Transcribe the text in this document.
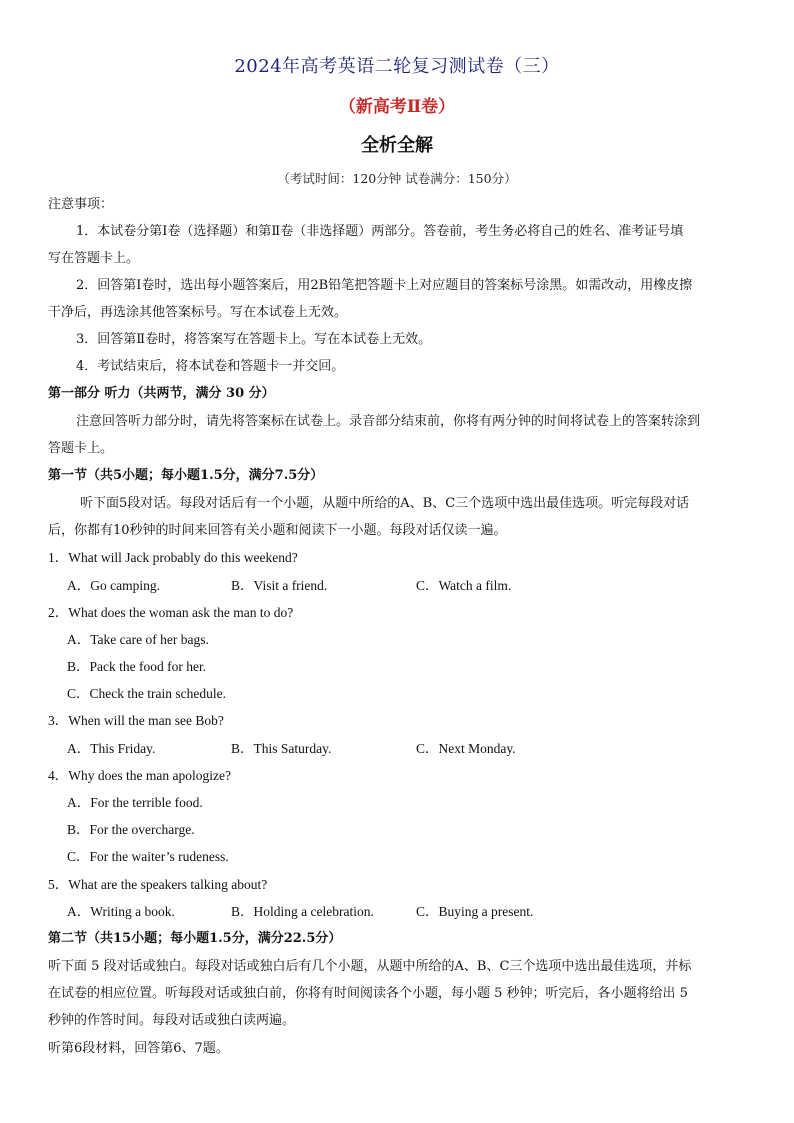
2024年高考英语二轮复习测试卷（三）
（新高考Ⅱ卷）
全析全解
（考试时间：120分钟 试卷满分：150分）
注意事项：
1．本试卷分第Ⅰ卷（选择题）和第Ⅱ卷（非选择题）两部分。答卷前，考生务必将自己的姓名、准考证号填
写在答题卡上。
2．回答第Ⅰ卷时，选出每小题答案后，用2B铅笔把答题卡上对应题目的答案标号涂黑。如需改动，用橡皮擦
干净后，再选涂其他答案标号。写在本试卷上无效。
3．回答第Ⅱ卷时，将答案写在答题卡上。写在本试卷上无效。
4．考试结束后，将本试卷和答题卡一并交回。
第一部分 听力（共两节，满分 30 分）
注意回答听力部分时，请先将答案标在试卷上。录音部分结束前，你将有两分钟的时间将试卷上的答案转涂到
答题卡上。
第一节（共5小题；每小题1.5分，满分7.5分）
听下面5段对话。每段对话后有一个小题，从题中所给的A、B、C三个选项中选出最佳选项。听完每段对话
后，你都有10秒钟的时间来回答有关小题和阅读下一小题。每段对话仅读一遍。
1．What will Jack probably do this weekend?
A．Go camping.	B．Visit a friend.	C．Watch a film.
2．What does the woman ask the man to do?
A．Take care of her bags.
B．Pack the food for her.
C．Check the train schedule.
3．When will the man see Bob?
A．This Friday.	B．This Saturday.	C．Next Monday.
4．Why does the man apologize?
A．For the terrible food.
B．For the overcharge.
C．For the waiter’s rudeness.
5．What are the speakers talking about?
A．Writing a book.	B．Holding a celebration.	C．Buying a present.
第二节（共15小题；每小题1.5分，满分22.5分）
听下面 5 段对话或独白。每段对话或独白后有几个小题，从题中所给的A、B、C三个选项中选出最佳选项，并标
在试卷的相应位置。听每段对话或独白前，你将有时间阅读各个小题，每小题 5 秒钟；听完后，各小题将给出 5
秒钟的作答时间。每段对话或独白读两遍。
听第6段材料，回答第6、7题。
